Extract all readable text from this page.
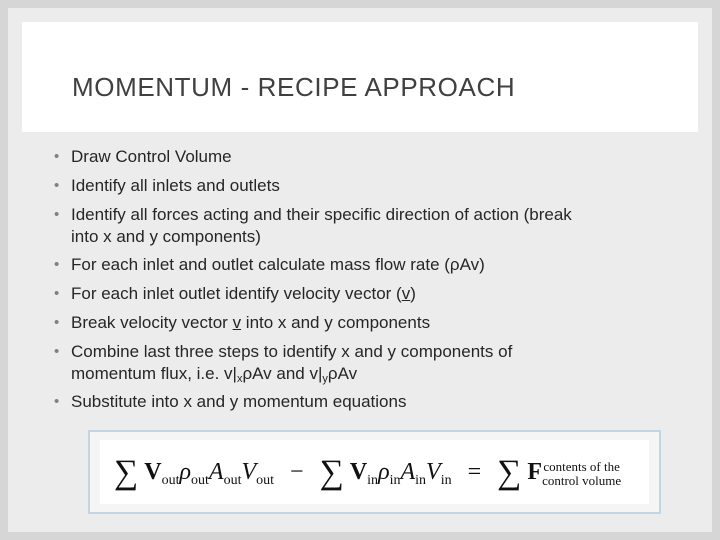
MOMENTUM - RECIPE APPROACH
• Draw Control Volume
• Identify all inlets and outlets
• Identify all forces acting and their specific direction of action (break
into x and y components)
• For each inlet and outlet calculate mass flow rate (ρAv)
• For each inlet outlet identify velocity vector (v)
• Break velocity vector v into x and y components
• Combine last three steps to identify x and y components of
momentum flux, i.e. $v|_x\rho Av$ and $v|_y\rho Av$
• Substitute into x and y momentum equations
∑ $V_{out}\rho_{out}A_{out}V_{out}$ − ∑ $V_{in}\rho_{in}A_{in}V_{in}$ = ∑ Fcontents of the
control volume
